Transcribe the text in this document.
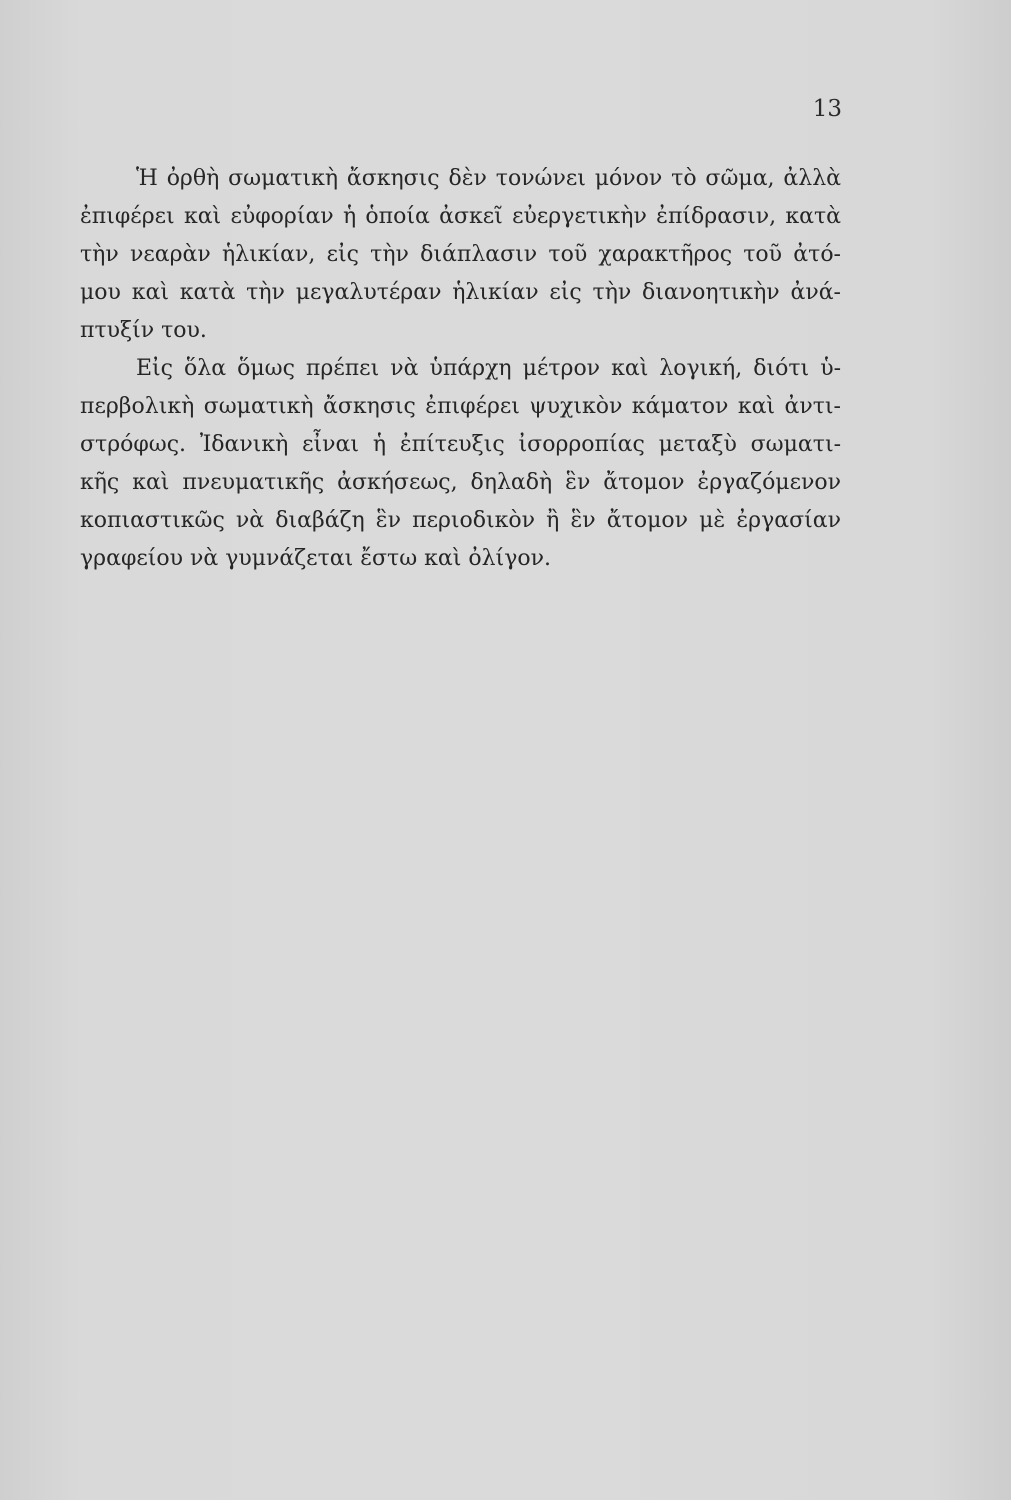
13
Ἡ ὀρθὴ σωματικὴ ἄσκησις δὲν τονώνει μόνον τὸ σῶμα, ἀλλὰ
ἐπιφέρει καὶ εὐφορίαν ἡ ὁποία ἀσκεῖ εὐεργετικὴν ἐπίδρασιν, κατὰ
τὴν νεαρὰν ἡλικίαν, εἰς τὴν διάπλασιν τοῦ χαρακτῆρος τοῦ ἀτό-
μου καὶ κατὰ τὴν μεγαλυτέραν ἡλικίαν εἰς τὴν διανοητικὴν ἀνά-
πτυξίν του.
Εἰς ὅλα ὅμως πρέπει νὰ ὑπάρχη μέτρον καὶ λογική, διότι ὑ-
περβολικὴ σωματικὴ ἄσκησις ἐπιφέρει ψυχικὸν κάματον καὶ ἀντι-
στρόφως. Ἰδανικὴ εἶναι ἡ ἐπίτευξις ἰσορροπίας μεταξὺ σωματι-
κῆς καὶ πνευματικῆς ἀσκήσεως, δηλαδὴ ἓν ἄτομον ἐργαζόμενον
κοπιαστικῶς νὰ διαβάζη ἓν περιοδικὸν ἢ ἓν ἄτομον μὲ ἐργασίαν
γραφείου νὰ γυμνάζεται ἔστω καὶ ὀλίγον.
